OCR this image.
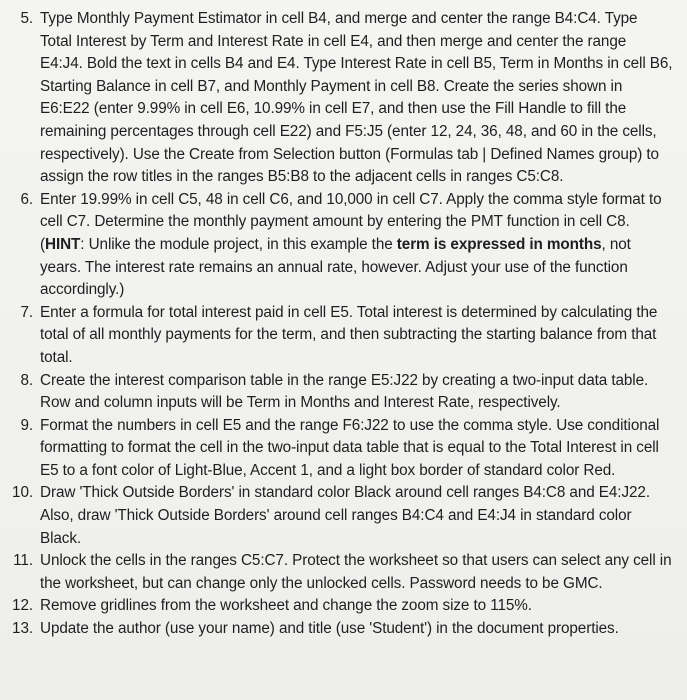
5. Type Monthly Payment Estimator in cell B4, and merge and center the range B4:C4. Type Total Interest by Term and Interest Rate in cell E4, and then merge and center the range E4:J4. Bold the text in cells B4 and E4. Type Interest Rate in cell B5, Term in Months in cell B6, Starting Balance in cell B7, and Monthly Payment in cell B8. Create the series shown in E6:E22 (enter 9.99% in cell E6, 10.99% in cell E7, and then use the Fill Handle to fill the remaining percentages through cell E22) and F5:J5 (enter 12, 24, 36, 48, and 60 in the cells, respectively). Use the Create from Selection button (Formulas tab | Defined Names group) to assign the row titles in the ranges B5:B8 to the adjacent cells in ranges C5:C8.
6. Enter 19.99% in cell C5, 48 in cell C6, and 10,000 in cell C7. Apply the comma style format to cell C7. Determine the monthly payment amount by entering the PMT function in cell C8. (HINT: Unlike the module project, in this example the term is expressed in months, not years. The interest rate remains an annual rate, however. Adjust your use of the function accordingly.)
7. Enter a formula for total interest paid in cell E5. Total interest is determined by calculating the total of all monthly payments for the term, and then subtracting the starting balance from that total.
8. Create the interest comparison table in the range E5:J22 by creating a two-input data table. Row and column inputs will be Term in Months and Interest Rate, respectively.
9. Format the numbers in cell E5 and the range F6:J22 to use the comma style. Use conditional formatting to format the cell in the two-input data table that is equal to the Total Interest in cell E5 to a font color of Light-Blue, Accent 1, and a light box border of standard color Red.
10. Draw 'Thick Outside Borders' in standard color Black around cell ranges B4:C8 and E4:J22. Also, draw 'Thick Outside Borders' around cell ranges B4:C4 and E4:J4 in standard color Black.
11. Unlock the cells in the ranges C5:C7. Protect the worksheet so that users can select any cell in the worksheet, but can change only the unlocked cells. Password needs to be GMC.
12. Remove gridlines from the worksheet and change the zoom size to 115%.
13. Update the author (use your name) and title (use 'Student') in the document properties.
